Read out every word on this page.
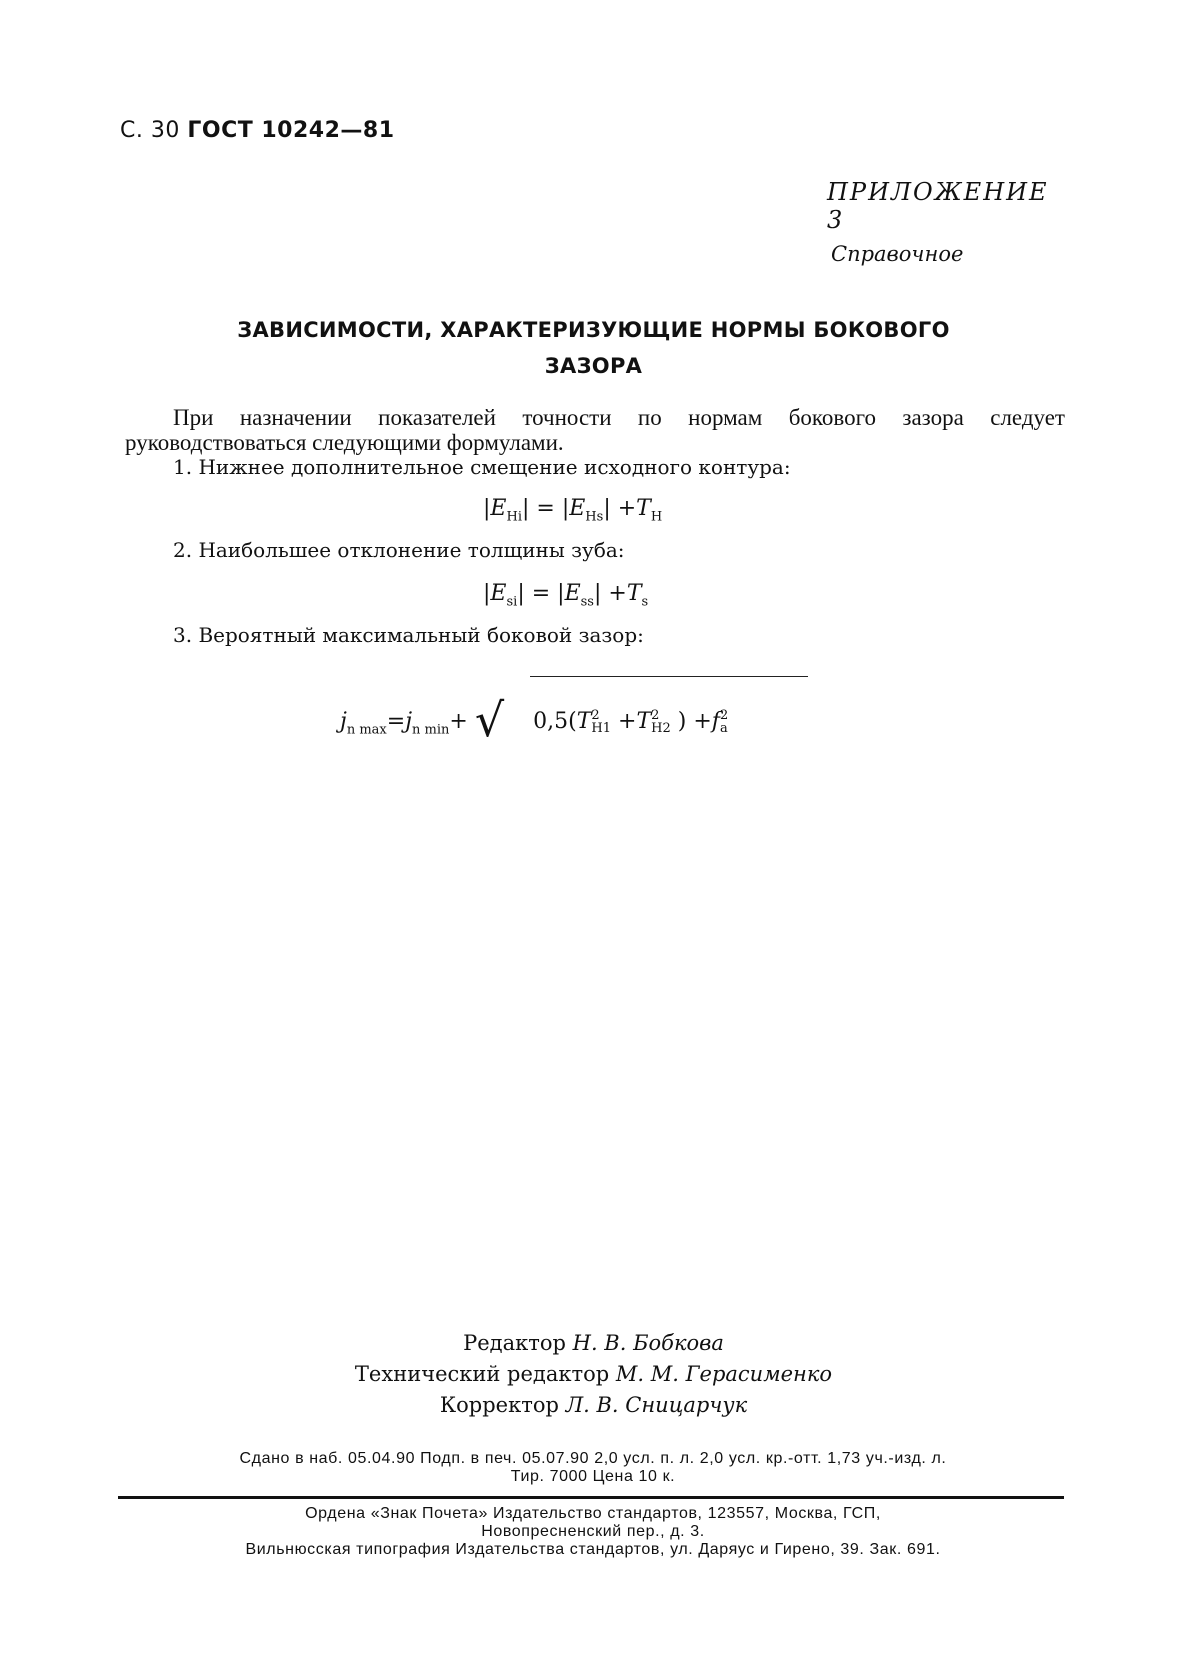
С. 30 ГОСТ 10242—81
ПРИЛОЖЕНИЕ 3
Справочное
ЗАВИСИМОСТИ, ХАРАКТЕРИЗУЮЩИЕ НОРМЫ БОКОВОГО
ЗАЗОРА
При назначении показателей точности по нормам бокового зазора следует
руководствоваться следующими формулами.
1. Нижнее дополнительное смещение исходного контура:
$|E_{Hi}| = |E_{Hs}| +T_H$
2. Наибольшее отклонение толщины зуба:
$|E_{si}| = |E_{ss}| +T_s$
3. Вероятный максимальный боковой зазор:
$j_{n max}=j_{n min}+$ √ 0,5(T 2
H1 +T 2
H2 ) +f 2
a
Редактор Н. В. Бобкова
Технический редактор М. М. Герасименко
Корректор Л. В. Сницарчук
Сдано в наб. 05.04.90 Подп. в печ. 05.07.90 2,0 усл. п. л. 2,0 усл. кр.-отт. 1,73 уч.-изд. л.
Тир. 7000 Цена 10 к.
Ордена «Знак Почета» Издательство стандартов, 123557, Москва, ГСП,
Новопресненский пер., д. 3.
Вильнюсская типография Издательства стандартов, ул. Даряус и Гирено, 39. Зак. 691.
